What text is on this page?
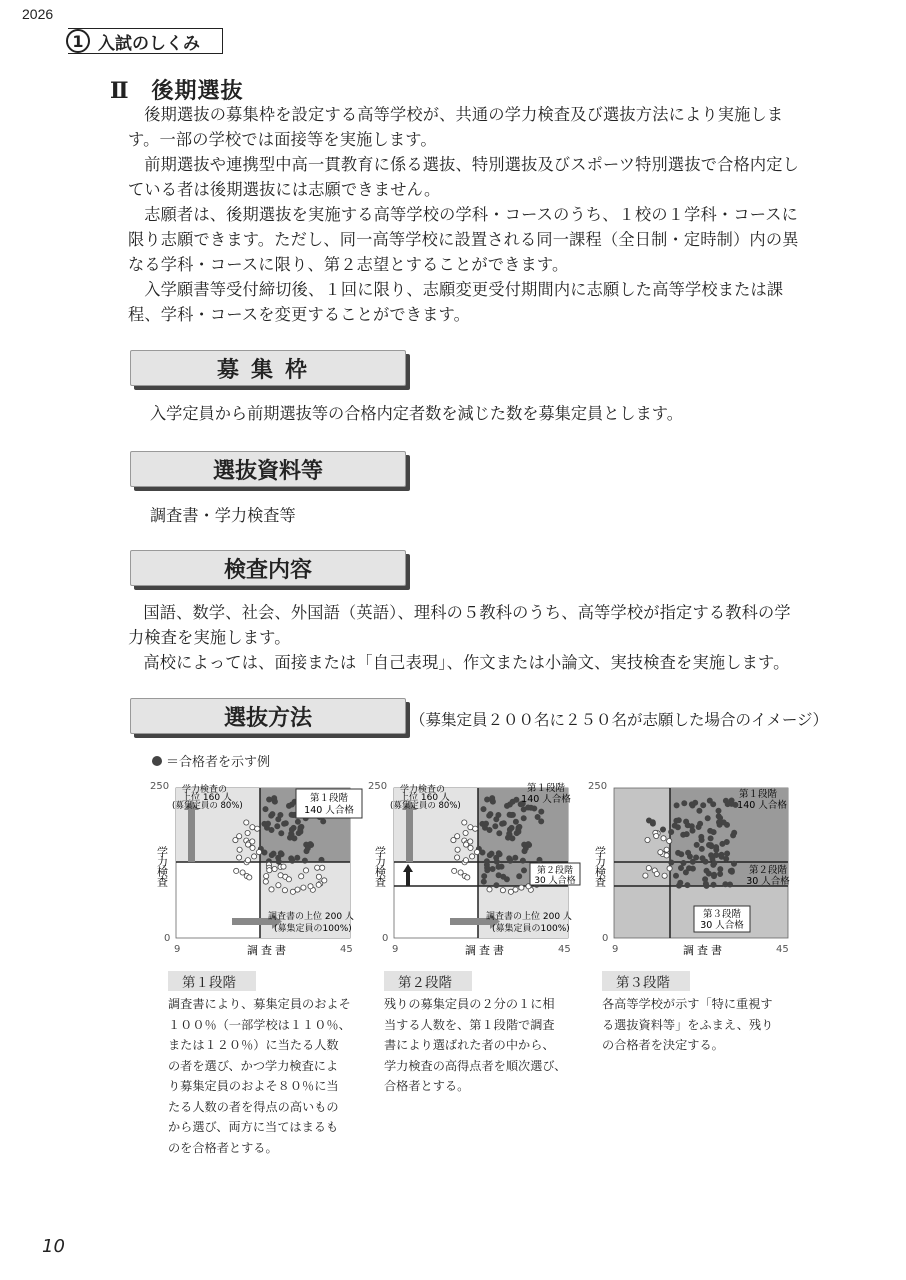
2026
1 入試のしくみ
Ⅱ 後期選抜

後期選抜の募集枠を設定する高等学校が、共通の学力検査及び選抜方法により実施します。一部の学校では面接等を実施します。

前期選抜や連携型中高一貫教育に係る選抜、特別選抜及びスポーツ特別選抜で合格内定している者は後期選抜には志願できません。

志願者は、後期選抜を実施する高等学校の学科・コースのうち、１校の１学科・コースに限り志願できます。ただし、同一高等学校に設置される同一課程（全日制・定時制）内の異なる学科・コースに限り、第２志望とすることができます。

入学願書等受付締切後、１回に限り、志願変更受付期間内に志願した高等学校または課程、学科・コースを変更することができます。

募集枠
入学定員から前期選抜等の合格内定者数を減じた数を募集定員とします。
選抜資料等
調査書・学力検査等
検査内容

国語、数学、社会、外国語（英語）、理科の５教科のうち、高等学校が指定する教科の学力検査を実施します。

高校によっては、面接または「自己表現」、作文または小論文、実技検査を実施します。

選抜方法	（募集定員２００名に２５０名が志願した場合のイメージ）
＝合格者を示す例
第１段階
140 人合格
学力検査の
上位 160 人
(募集定員の 80%)
調査書の上位 200 人
(募集定員の100%)
250
0
9	45
調査書
学力検査
第１段階
140 人合格
第２段階
30 人合格
学力検査の
上位 160 人
(募集定員の 80%)
調査書の上位 200 人
(募集定員の100%)
250
0
9	45
調査書
学力検査
第１段階
140 人合格
第２段階
30 人合格
第３段階
30 人合格
250
0
9	45
調査書
学力検査
第１段階
調査書により、募集定員のおよそ
１００％（一部学校は１１０％、
または１２０％）に当たる人数
の者を選び、かつ学力検査によ
り募集定員のおよそ８０％に当
たる人数の者を得点の高いもの
から選び、両方に当てはまるも
のを合格者とする。
第２段階
残りの募集定員の２分の１に相
当する人数を、第１段階で調査
書により選ばれた者の中から、
学力検査の高得点者を順次選び、
合格者とする。
第３段階
各高等学校が示す「特に重視す
る選抜資料等」をふまえ、残り
の合格者を決定する。
10
